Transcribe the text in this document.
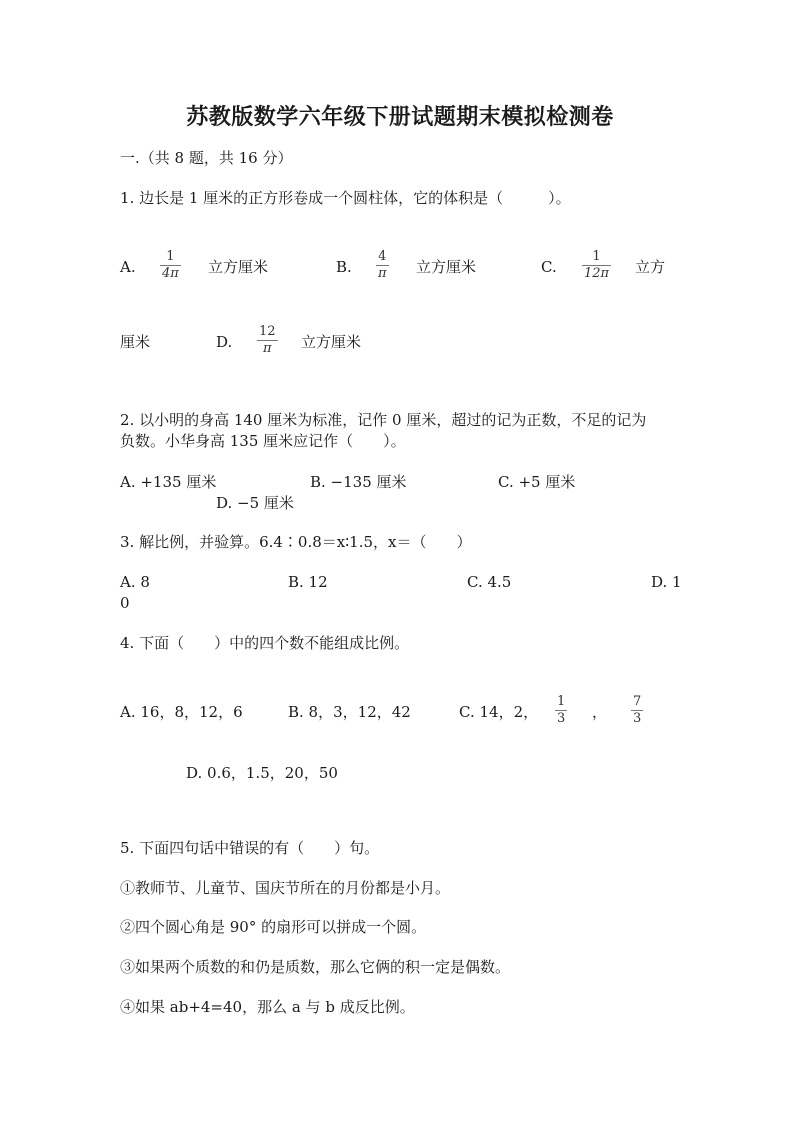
苏教版数学六年级下册试题期末模拟检测卷
一.（共 8 题，共 16 分）
1. 边长是 1 厘米的正方形卷成一个圆柱体，它的体积是（　　　）。
A.
1
4π 立方厘米	B.
4
π 立方厘米	C.
1
12π 立方
厘米	D.
12
π 立方厘米
2. 以小明的身高 140 厘米为标准，记作 0 厘米，超过的记为正数，不足的记为
负数。小华身高 135 厘米应记作（　　）。
A. +135 厘米	B. −135 厘米	C. +5 厘米
D. −5 厘米
3. 解比例，并验算。6.4∶0.8＝x∶1.5，x＝（　　）
A. 8	B. 12	C. 4.5	D. 1
0
4. 下面（　　）中的四个数不能组成比例。
A. 16，8，12，6	B. 8，3，12，42	C. 14，2，
1
3 ，
7
3
D. 0.6，1.5，20，50
5. 下面四句话中错误的有（　　）句。
①教师节、儿童节、国庆节所在的月份都是小月。
②四个圆心角是 90° 的扇形可以拼成一个圆。
③如果两个质数的和仍是质数，那么它俩的积一定是偶数。
④如果 ab+4=40，那么 a 与 b 成反比例。
